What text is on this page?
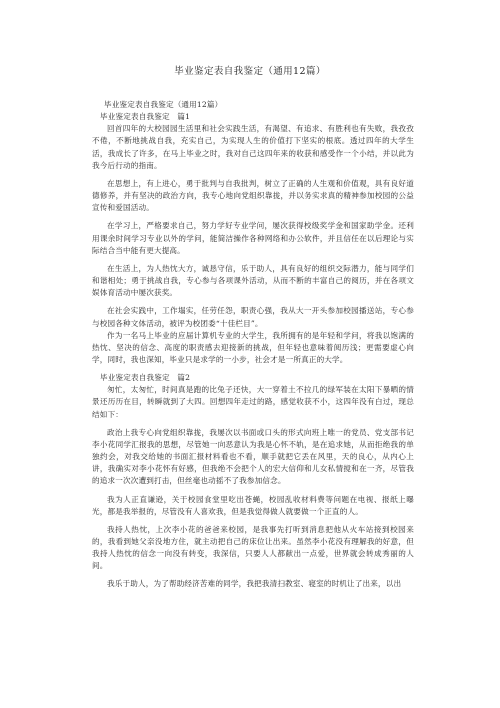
毕业鉴定表自我鉴定（通用12篇）

毕业鉴定表自我鉴定（通用12篇）

毕业鉴定表自我鉴定　篇1

回首四年的大校园园生活里和社会实践生活，有渴望、有追求、有胜利也有失败，我孜孜不倦，不断地挑战自我，充实自己，为实现人生的价值打下坚实的根底。透过四年的大学生活，我成长了许多，在马上毕业之时，我对自己这四年来的收获和感受作一个小结，并以此为我今后行动的指南。

在思想上，有上进心，勇于批判与自我批判，树立了正确的人生观和价值观，具有良好道德修养，并有坚决的政治方向，我专心地向党组织靠拢，并以务实求真的精神参加校园的公益宣传和爱国活动。

在学习上，严格要求自己，努力学好专业学问，屡次获得校级奖学金和国家助学金。还利用课余时间学习专业以外的学问，能简洁操作各种网络和办公软件，并且信任在以后理论与实际结合当中能有更大提高。

在生活上，为人热忱大方，诚恳守信，乐于助人，具有良好的组织交际潜力，能与同学们和谐相处；勇于挑战自我，专心参与各项课外活动，从而不断的丰富自己的阅历，并在各项文娱体育活动中屡次获奖。

在社会实践中，工作塌实，任劳任怨，职责心强，我从大一开头参加校园播送站，专心参与校园各种文体活动，被评为校团委“十佳栏目”。

作为一名马上毕业的应届计算机专业的大学生，我所拥有的是年轻和学问，将我以饱满的热忱、坚决的信念、高度的职责感去迎接新的挑战，但年轻也意味着阅历浅；更需要虚心向学，同时，我也深知，毕业只是求学的一小步，社会才是一所真正的大学。

毕业鉴定表自我鉴定　篇2

匆忙，太匆忙，时间真是跑的比兔子还快，大一穿着土不拉几的绿军装在太阳下暴晒的情景还历历在目，转瞬就到了大四。回想四年走过的路，感觉收获不小，这四年没有白过，现总结如下：

政治上我专心向党组织靠拢，我屡次以书面或口头的形式向班上唯一的党员、党支部书记李小花同学汇报我的思想，尽管她一向恶意认为我是心怀不轨，是在追求她，从而拒绝我的单独约会，对我交给她的书面汇报材料看也不看，顺手就把它丢在风里，天的良心，从内心上讲，我确实对李小花怀有好感，但我绝不会把个人的宏大信仰和儿女私情搅和在一齐，尽管我的追求一次次遭到打击，但丝毫也动摇不了我参加信念。

我为人正直谦逊，关于校园食堂里吃出苍蝇，校园乱收材料费等问题在电视、报纸上曝光，都是我举报的，尽管没有人喜欢我，但是我觉得做人就要做一个正直的人。

我持人热忱，上次李小花的爸爸来校园，是我事先打听到消息把他从火车站接到校园来的，我看到她父亲没地方住，就主动把自己的床位让出来。虽然李小花没有理解我的好意，但我持人热忱的信念一向没有转变，我深信，只要人人都献出一点爱，世界就会转成秀丽的人间。

我乐于助人，为了帮助经济苦难的同学，我把我清扫教室、寝室的时机让了出来，以出
